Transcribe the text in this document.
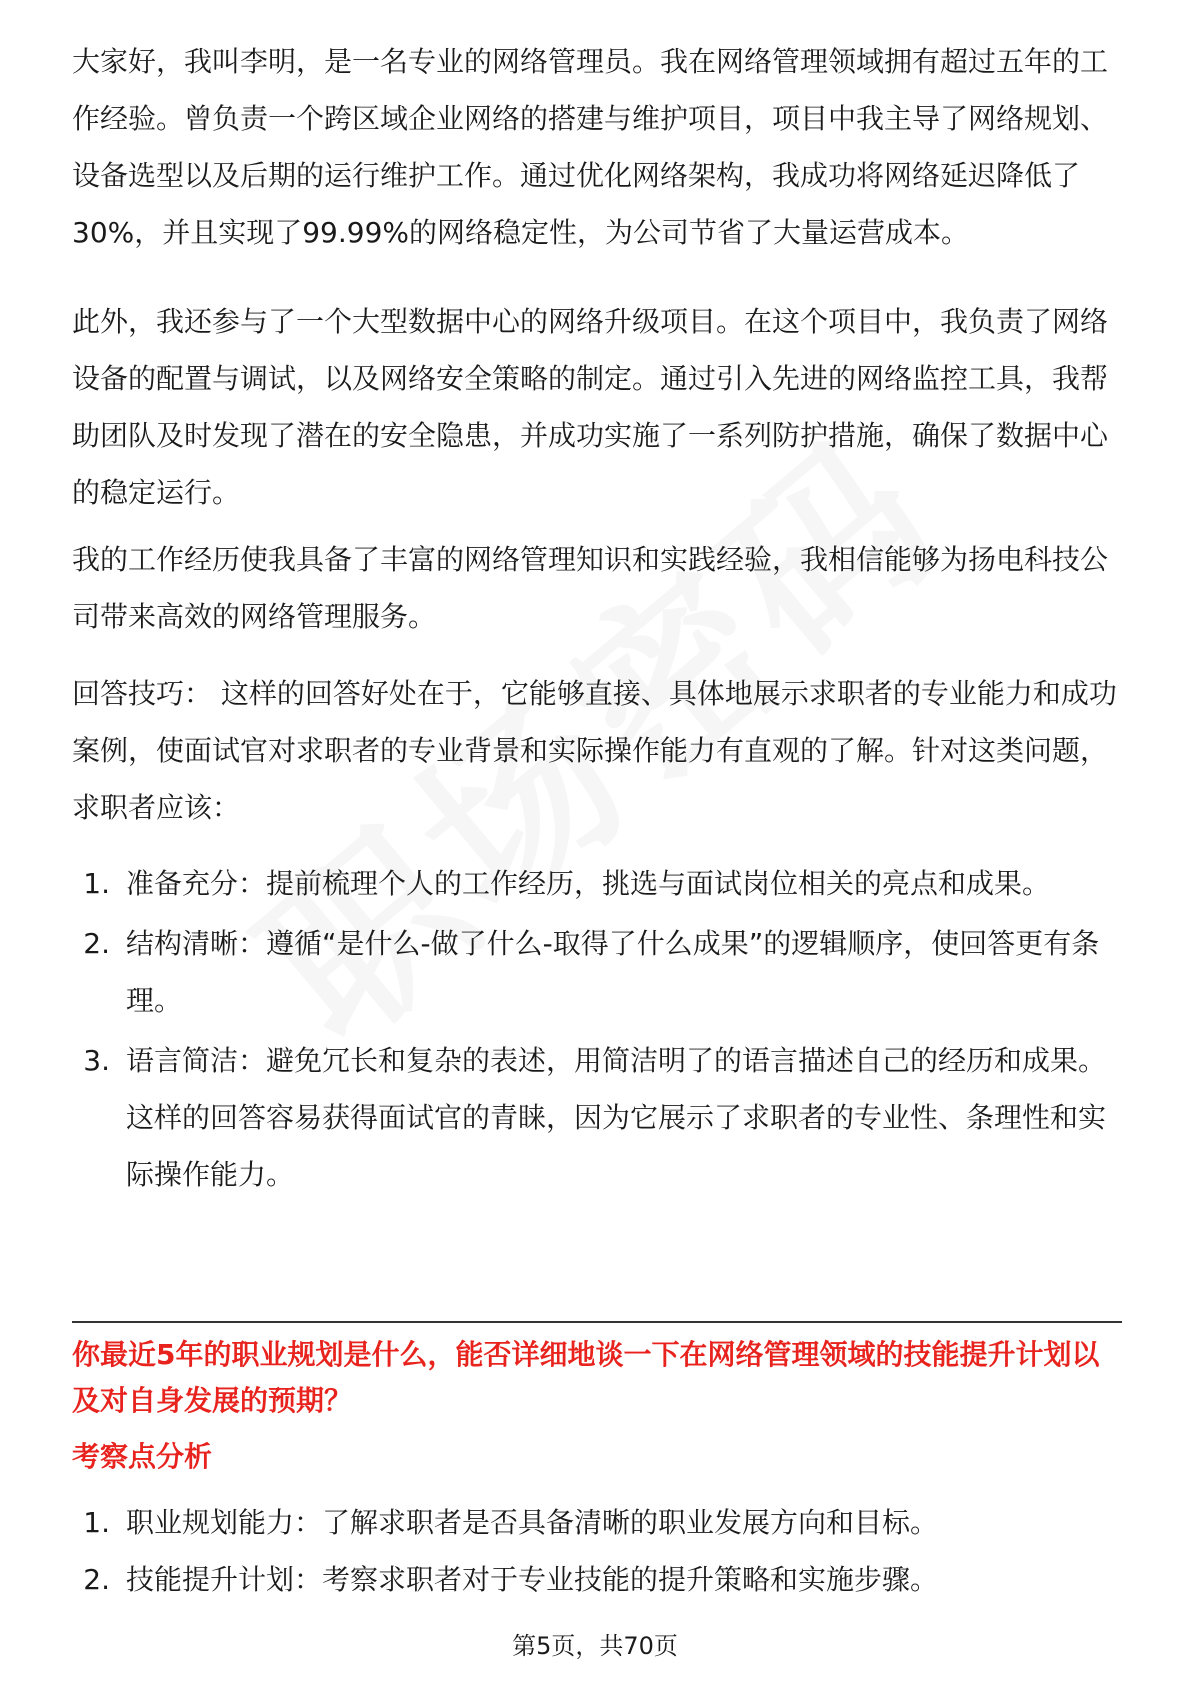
大家好，我叫李明，是一名专业的网络管理员。我在网络管理领域拥有超过五年的工作经验。曾负责一个跨区域企业网络的搭建与维护项目，项目中我主导了网络规划、设备选型以及后期的运行维护工作。通过优化网络架构，我成功将网络延迟降低了30%，并且实现了99.99%的网络稳定性，为公司节省了大量运营成本。

此外，我还参与了一个大型数据中心的网络升级项目。在这个项目中，我负责了网络设备的配置与调试，以及网络安全策略的制定。通过引入先进的网络监控工具，我帮助团队及时发现了潜在的安全隐患，并成功实施了一系列防护措施，确保了数据中心的稳定运行。

我的工作经历使我具备了丰富的网络管理知识和实践经验，我相信能够为扬电科技公司带来高效的网络管理服务。

回答技巧： 这样的回答好处在于，它能够直接、具体地展示求职者的专业能力和成功案例，使面试官对求职者的专业背景和实际操作能力有直观的了解。针对这类问题，求职者应该：

1. 准备充分：提前梳理个人的工作经历，挑选与面试岗位相关的亮点和成果。
2. 结构清晰：遵循“是什么-做了什么-取得了什么成果”的逻辑顺序，使回答更有条理。
3. 语言简洁：避免冗长和复杂的表述，用简洁明了的语言描述自己的经历和成果。 这样的回答容易获得面试官的青睐，因为它展示了求职者的专业性、条理性和实际操作能力。

你最近5年的职业规划是什么，能否详细地谈一下在网络管理领域的技能提升计划以及对自身发展的预期？

考察点分析

1. 职业规划能力：了解求职者是否具备清晰的职业发展方向和目标。
2. 技能提升计划：考察求职者对于专业技能的提升策略和实施步骤。
第5页，共70页
